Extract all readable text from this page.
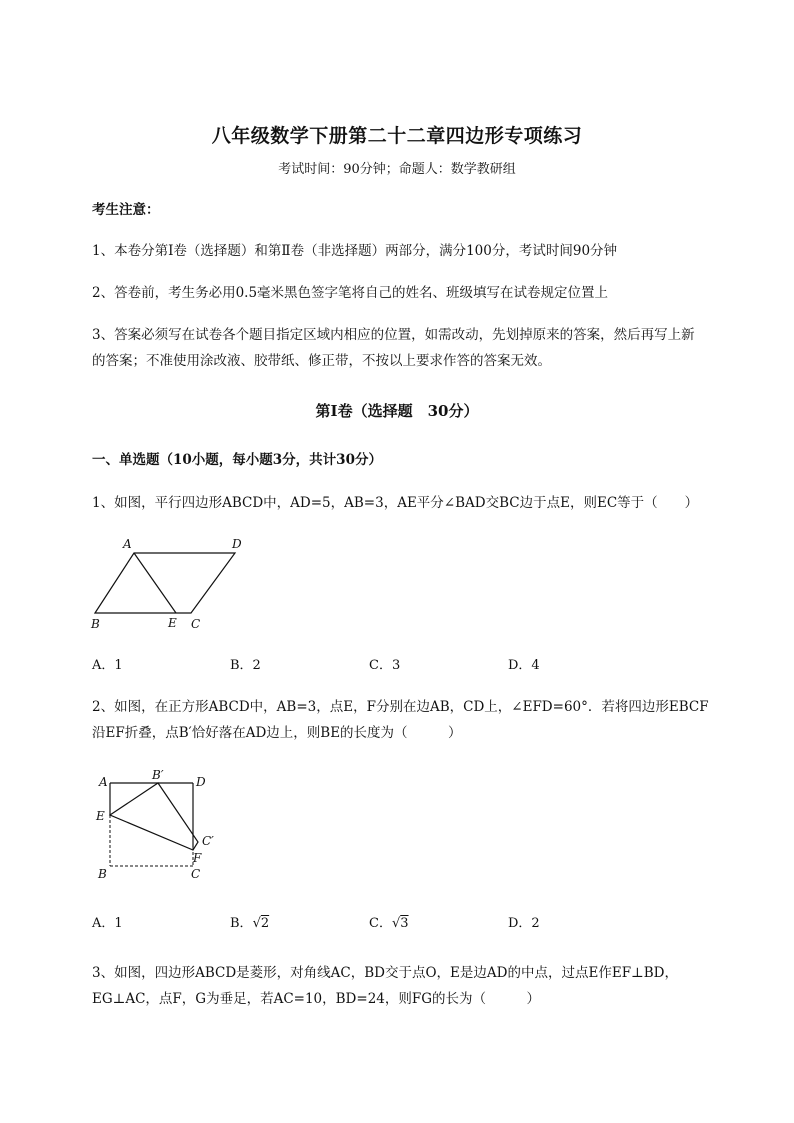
八年级数学下册第二十二章四边形专项练习
考试时间：90分钟；命题人：数学教研组
考生注意：
1、本卷分第I卷（选择题）和第Ⅱ卷（非选择题）两部分，满分100分，考试时间90分钟
2、答卷前，考生务必用0.5毫米黑色签字笔将自己的姓名、班级填写在试卷规定位置上
3、答案必须写在试卷各个题目指定区域内相应的位置，如需改动，先划掉原来的答案，然后再写上新
的答案；不准使用涂改液、胶带纸、修正带，不按以上要求作答的答案无效。
第I卷（选择题　30分）
一、单选题（10小题，每小题3分，共计30分）
1、如图，平行四边形ABCD中，AD=5，AB=3，AE平分∠BAD交BC边于点E，则EC等于（　　）
A	D
B	E C
A．1	B．2	C．3	D．4
2、如图，在正方形ABCD中，AB=3，点E，F分别在边AB，CD上，∠EFD=60°．若将四边形EBCF
沿EF折叠，点B′恰好落在AD边上，则BE的长度为（　　　）
A	B′	D
E
C′
F
B	C
A．1	B．√2	C．√3	D．2
3、如图，四边形ABCD是菱形，对角线AC，BD交于点O，E是边AD的中点，过点E作EF⊥BD，
EG⊥AC，点F，G为垂足，若AC=10，BD=24，则FG的长为（　　　）
